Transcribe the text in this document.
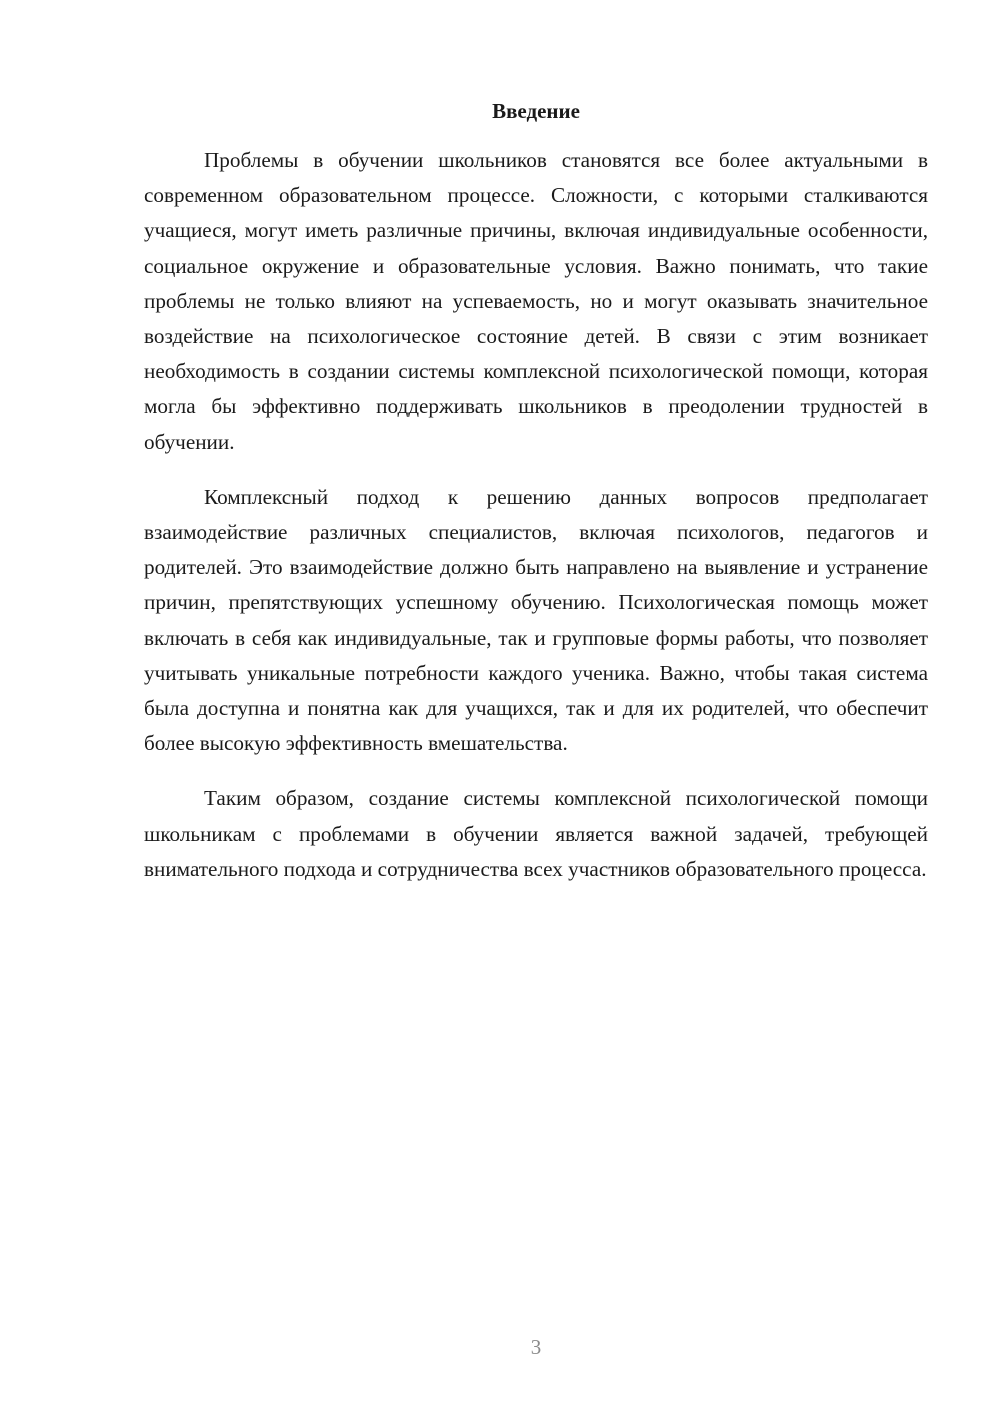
Введение

Проблемы в обучении школьников становятся все более актуальными в современном образовательном процессе. Сложности, с которыми сталкиваются учащиеся, могут иметь различные причины, включая индивидуальные особенности, социальное окружение и образовательные условия. Важно понимать, что такие проблемы не только влияют на успеваемость, но и могут оказывать значительное воздействие на психологическое состояние детей. В связи с этим возникает необходимость в создании системы комплексной психологической помощи, которая могла бы эффективно поддерживать школьников в преодолении трудностей в обучении.

Комплексный подход к решению данных вопросов предполагает взаимодействие различных специалистов, включая психологов, педагогов и родителей. Это взаимодействие должно быть направлено на выявление и устранение причин, препятствующих успешному обучению. Психологическая помощь может включать в себя как индивидуальные, так и групповые формы работы, что позволяет учитывать уникальные потребности каждого ученика. Важно, чтобы такая система была доступна и понятна как для учащихся, так и для их родителей, что обеспечит более высокую эффективность вмешательства.

Таким образом, создание системы комплексной психологической помощи школьникам с проблемами в обучении является важной задачей, требующей внимательного подхода и сотрудничества всех участников образовательного процесса.

3
